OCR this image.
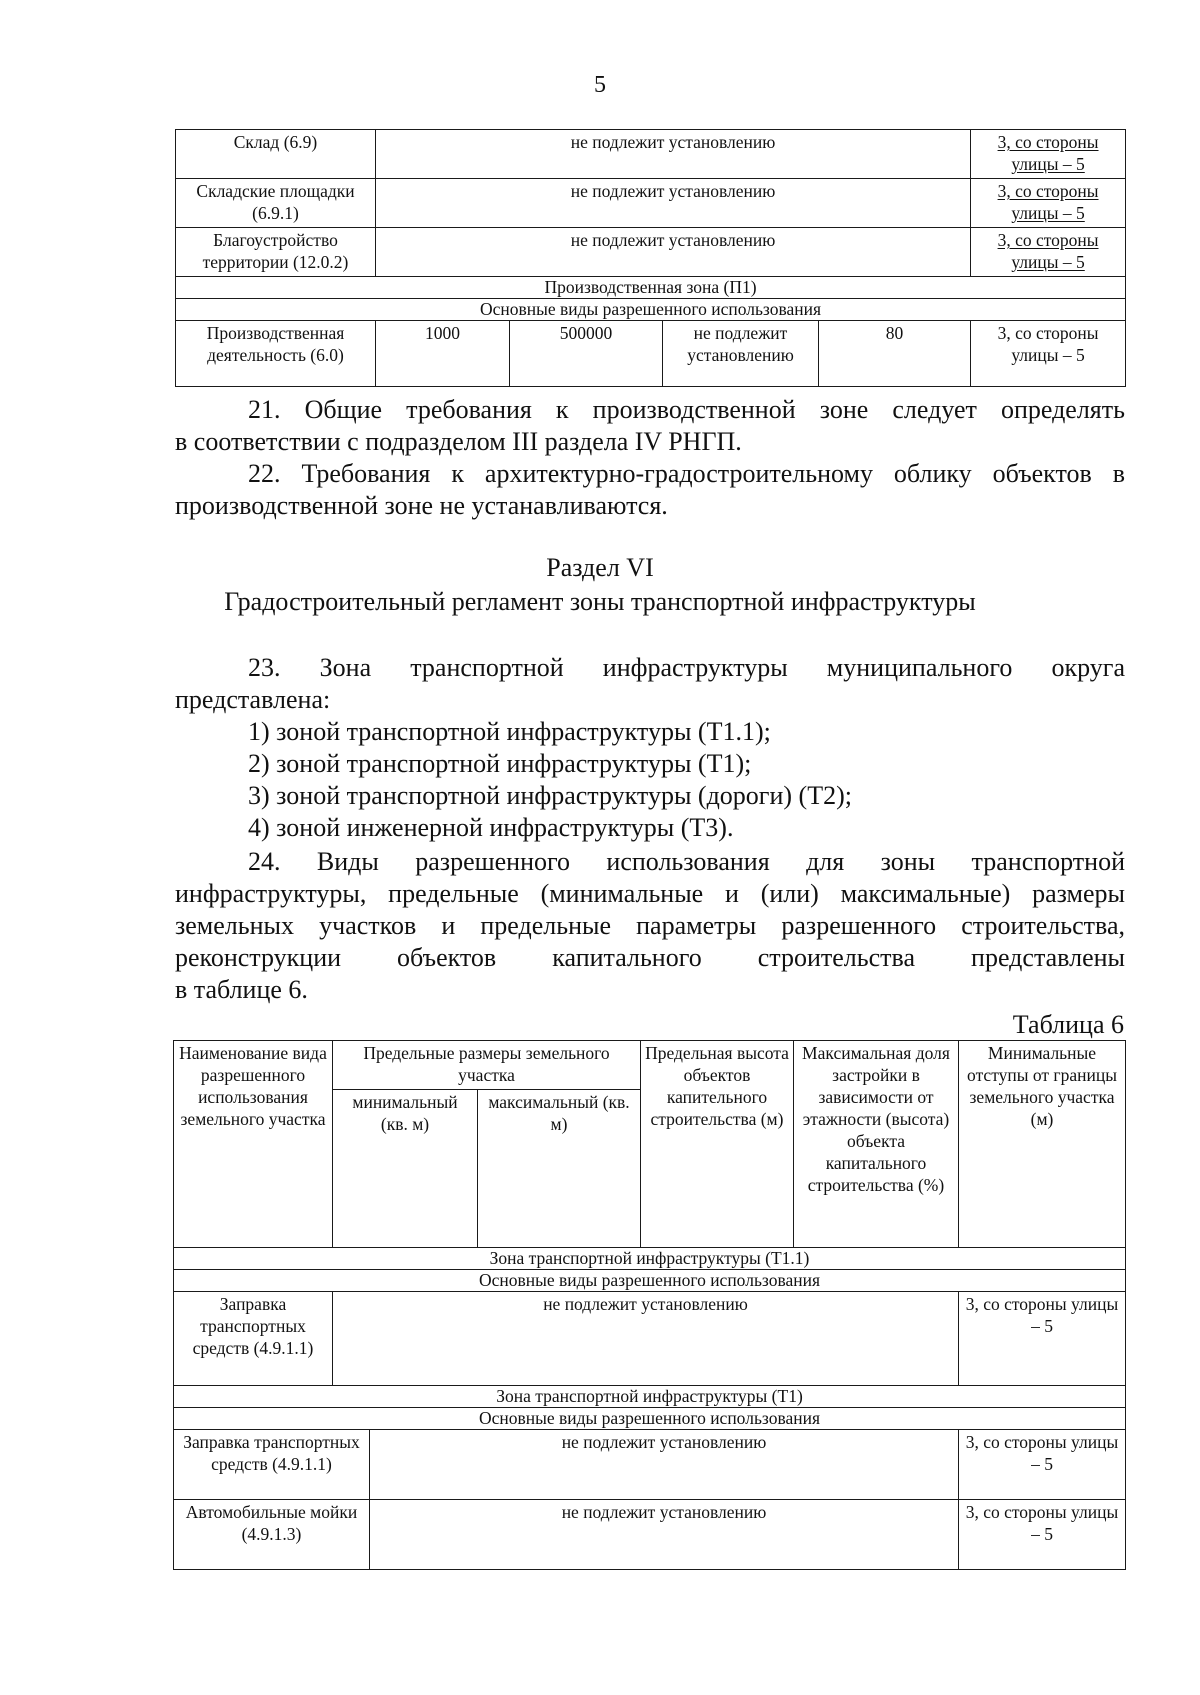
5
Склад (6.9)	не подлежит установлению				3, со стороны улицы – 5
Складские площадки (6.9.1)	не подлежит установлению				3, со стороны улицы – 5
Благоустройство территории (12.0.2)	не подлежит установлению				3, со стороны улицы – 5
Производственная зона (П1)					
Основные виды разрешенного использования					
Производственная деятельность (6.0)	1000	500000	не подлежит установлению	80	3, со стороны улицы – 5

21. Общие требования к производственной зоне следует определять

в соответствии с подразделом III раздела IV РНГП.

22. Требования к архитектурно-градостроительному облику объектов в

производственной зоне не устанавливаются.

Раздел VI

Градостроительный регламент зоны транспортной инфраструктуры

23. Зона транспортной инфраструктуры муниципального округа

представлена:

1) зоной транспортной инфраструктуры (Т1.1);

2) зоной транспортной инфраструктуры (Т1);

3) зоной транспортной инфраструктуры (дороги) (Т2);

4) зоной инженерной инфраструктуры (Т3).

24. Виды разрешенного использования для зоны транспортной

инфраструктуры, предельные (минимальные и (или) максимальные) размеры

земельных участков и предельные параметры разрешенного строительства,

реконструкции объектов капитального строительства представлены

в таблице 6.

Таблица 6

Наименование вида разрешенного использования земельного участка	Предельные размеры земельного участка			Предельная высота объектов капительного строительства (м)	Максимальная доля застройки в зависимости от этажности (высота) объекта капитального строительства (%)	Минимальные отступы от границы земельного участка (м)
	минимальный (кв. м)		максимальный (кв. м)			
Зона транспортной инфраструктуры (Т1.1)						
Основные виды разрешенного использования						
Заправка транспортных средств (4.9.1.1)	не подлежит установлению					3, со стороны улицы – 5
Зона транспортной инфраструктуры (Т1)						
Основные виды разрешенного использования						
Заправка транспортных средств (4.9.1.1)		не подлежит установлению				3, со стороны улицы – 5
Автомобильные мойки (4.9.1.3)		не подлежит установлению				3, со стороны улицы – 5
